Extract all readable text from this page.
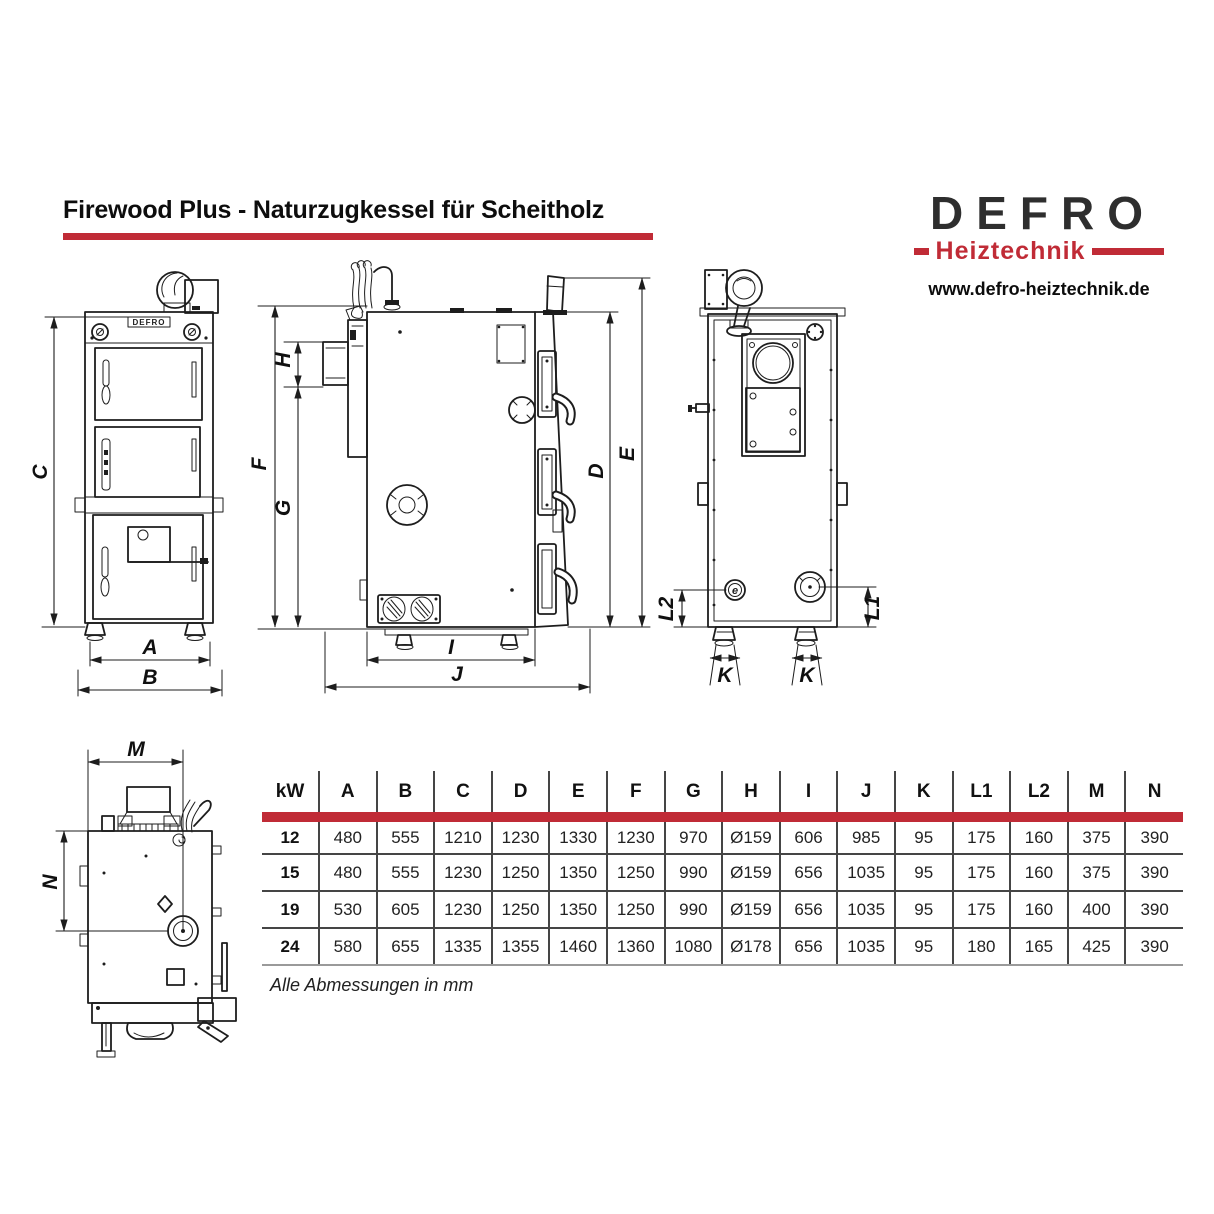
Firewood Plus - Naturzugkessel für Scheitholz	DEFRO
Heiztechnik
www.defro-heiztechnik.de
DEFRO
C
A
B
F
H
G
D
E
I
J
e
L2	L1
K	K
M
N
kW	A	B	C	D	E	F	G	H	I	J	K	L1	L2	M	N
12	480	555	1210	1230	1330	1230	970	Ø159	606	985	95	175	160	375	390
15	480	555	1230	1250	1350	1250	990	Ø159	656	1035	95	175	160	375	390
19	530	605	1230	1250	1350	1250	990	Ø159	656	1035	95	175	160	400	390
24	580	655	1335	1355	1460	1360	1080	Ø178	656	1035	95	180	165	425	390
Alle Abmessungen in mm
